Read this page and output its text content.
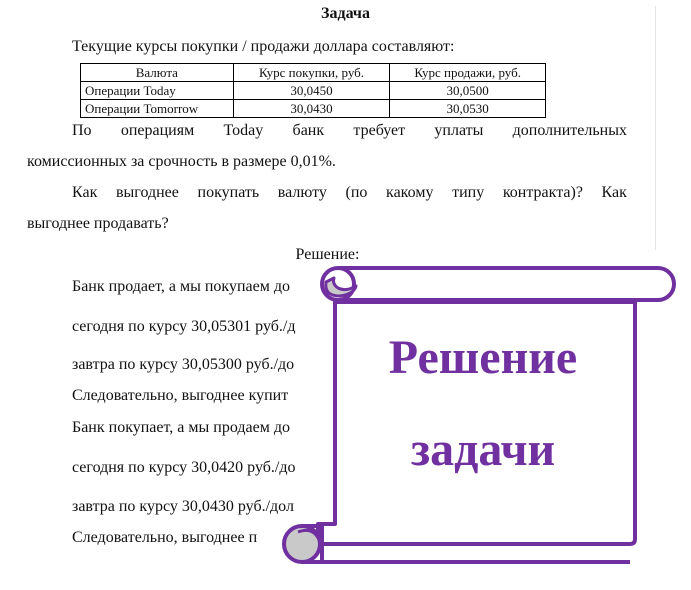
Задача
Текущие курсы покупки / продажи доллара составляют:
Валюта	Курс покупки, руб.	Курс продажи, руб.
Операции Today	30,0450	30,0500
Операции Tomorrow	30,0430	30,0530
По операциям Today банк требует уплаты дополнительных
комиссионных за срочность в размере 0,01%.
Как выгоднее покупать валюту (по какому типу контракта)? Как
выгоднее продавать?
Решение:
Банк продает, а мы покупаем до
сегодня по курсу 30,05301 руб./д
завтра по курсу 30,05300 руб./до
Следовательно, выгоднее купит
Банк покупает, а мы продаем до
сегодня по курсу 30,0420 руб./до
завтра по курсу 30,0430 руб./дол
Следовательно, выгоднее п
Решение
задачи
